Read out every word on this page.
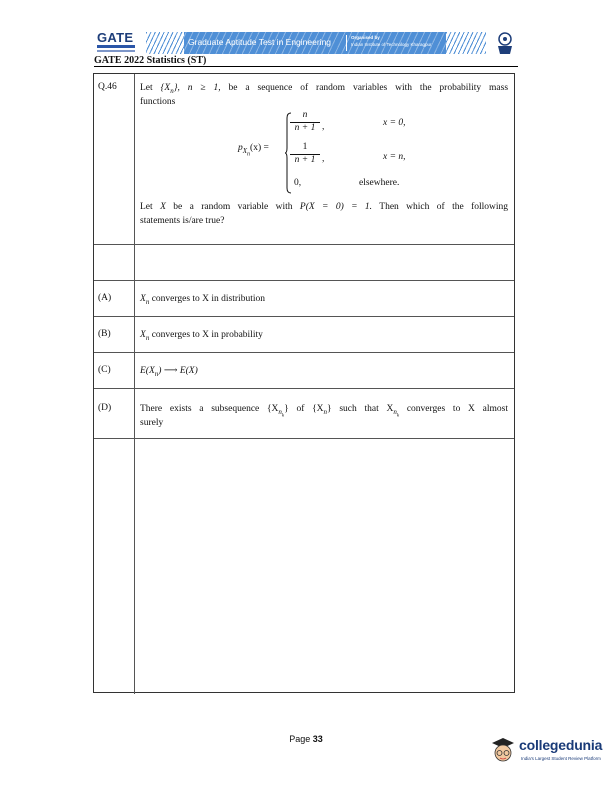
GATE	Graduate Aptitude Test in Engineering	Organised by
Indian Institute of Technology Kharagpur
GATE 2022 Statistics (ST)
Q.46 Let $\{X_n\}$, n ≥ 1, be a sequence of random variables with the probability mass
functions
$p_{X_n}(x)$ =
n
n + 1 ,	x = 0,
1
n + 1 ,	x = n,
0,	elsewhere.
Let X be a random variable with P(X = 0) = 1. Then which of the following
statements is/are true?
(A)	$X_n$ converges to X in distribution
(B)	$X_n$ converges to X in probability
(C)	$E(X_n)$ ⟶ E(X)
(D)	There exists a subsequence $\{X_{n_k}\}$ of $\{X_n\}$ such that $X_{n_k}$ converges to X almost
surely
Page 33	collegedunia
India's Largest Student Review Platform
